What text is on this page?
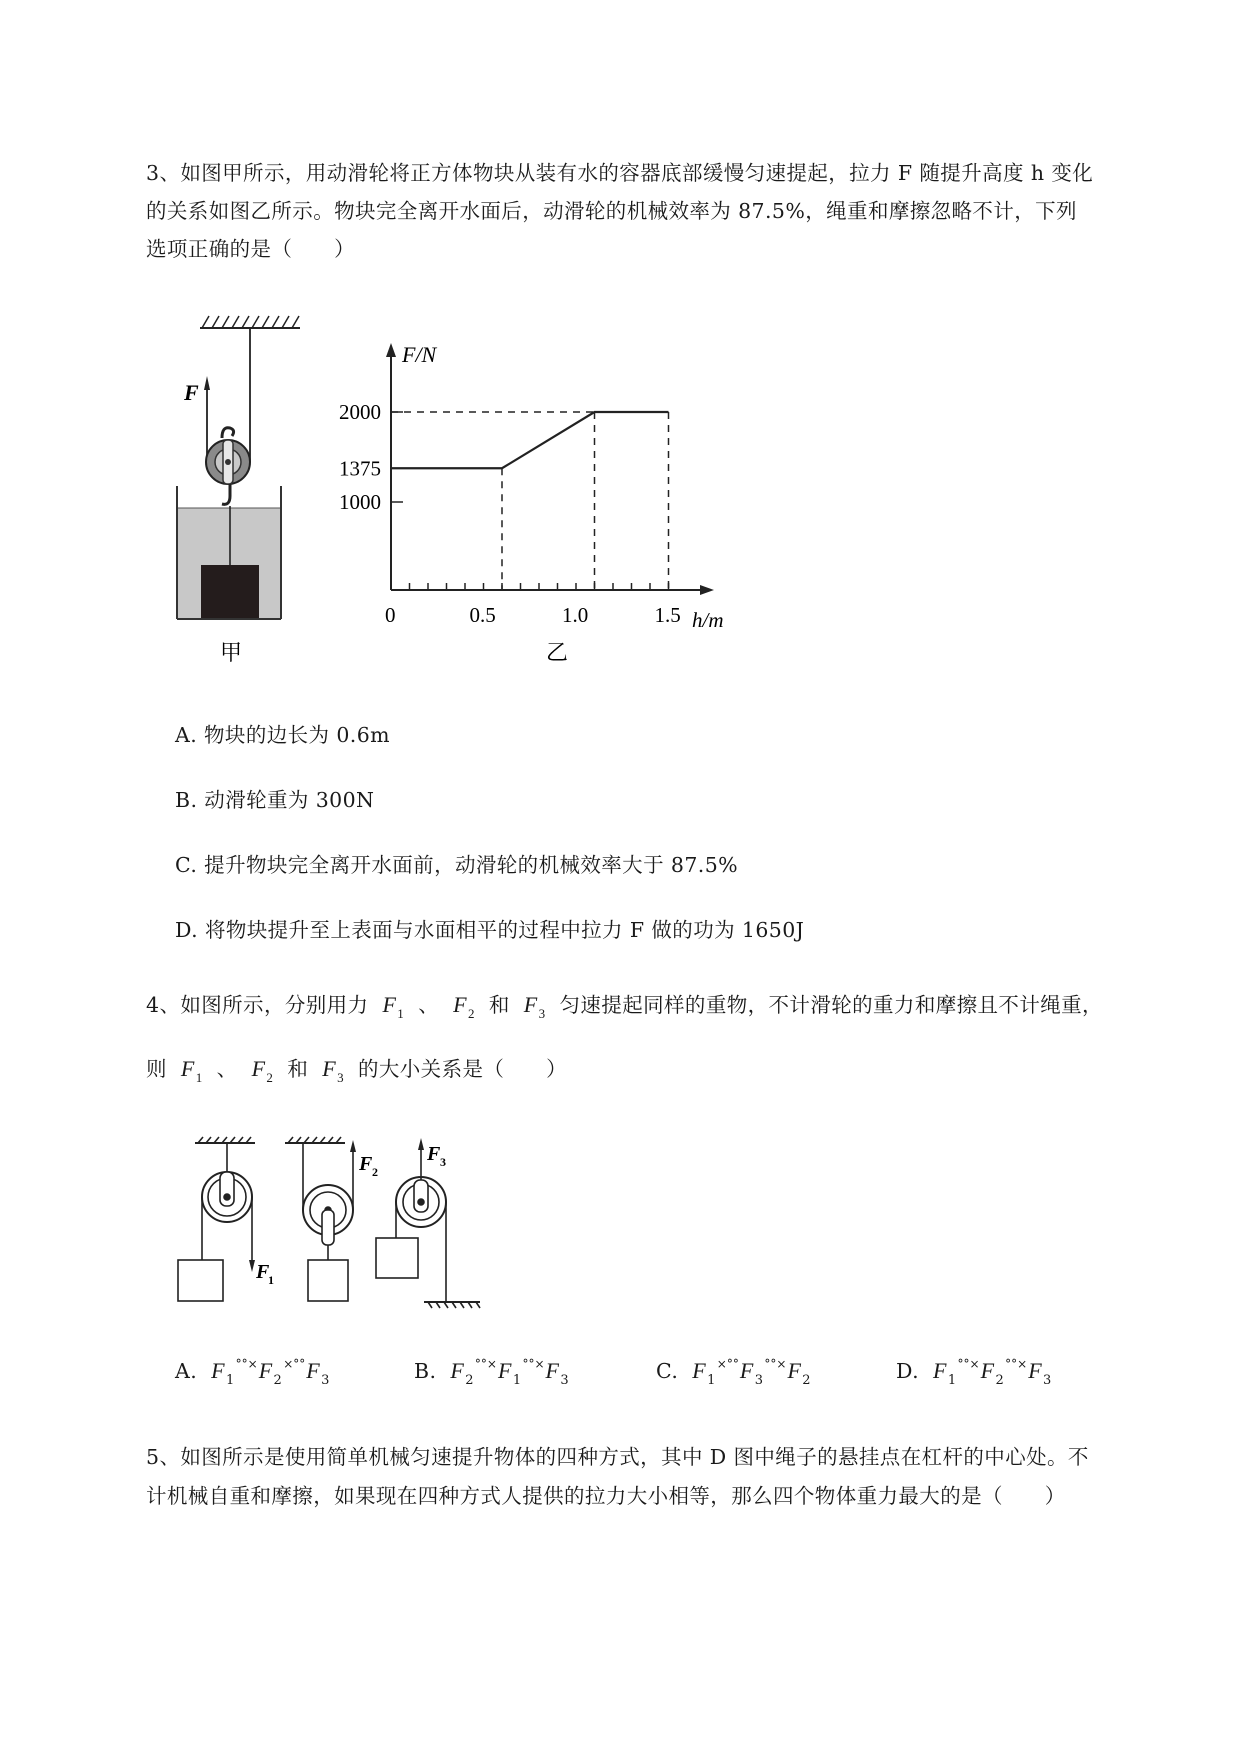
3、如图甲所示，用动滑轮将正方体物块从装有水的容器底部缓慢匀速提起，拉力 F 随提升高度 h 变化
的关系如图乙所示。物块完全离开水面后，动滑轮的机械效率为 87.5%，绳重和摩擦忽略不计，下列
选项正确的是（　　）
F
甲
2000
1375
1000
0	0.5	1.0	1.5
F/N
h/m
乙
A. 物块的边长为 0.6m
B. 动滑轮重为 300N
C. 提升物块完全离开水面前，动滑轮的机械效率大于 87.5%
D. 将物块提升至上表面与水面相平的过程中拉力 F 做的功为 1650J
4、如图所示，分别用力 $F_1$ 、 $F_2$ 和 $F_3$ 匀速提起同样的重物，不计滑轮的重力和摩擦且不计绳重，
则 $F_1$ 、 $F_2$ 和 $F_3$ 的大小关系是（　　）
F
1
F 2
F 3
A. $F_1^{^\circ^\circ\times}F_2^{\times^\circ^\circ}F_3$	B. $F_2^{^\circ^\circ\times}F_1^{^\circ^\circ\times}F_3$	C. $F_1^{\times^\circ^\circ}F_3^{^\circ^\circ\times}F_2$	D. $F_1^{^\circ^\circ\times}F_2^{^\circ^\circ\times}F_3$
5、如图所示是使用简单机械匀速提升物体的四种方式，其中 D 图中绳子的悬挂点在杠杆的中心处。不
计机械自重和摩擦，如果现在四种方式人提供的拉力大小相等，那么四个物体重力最大的是（　　）
